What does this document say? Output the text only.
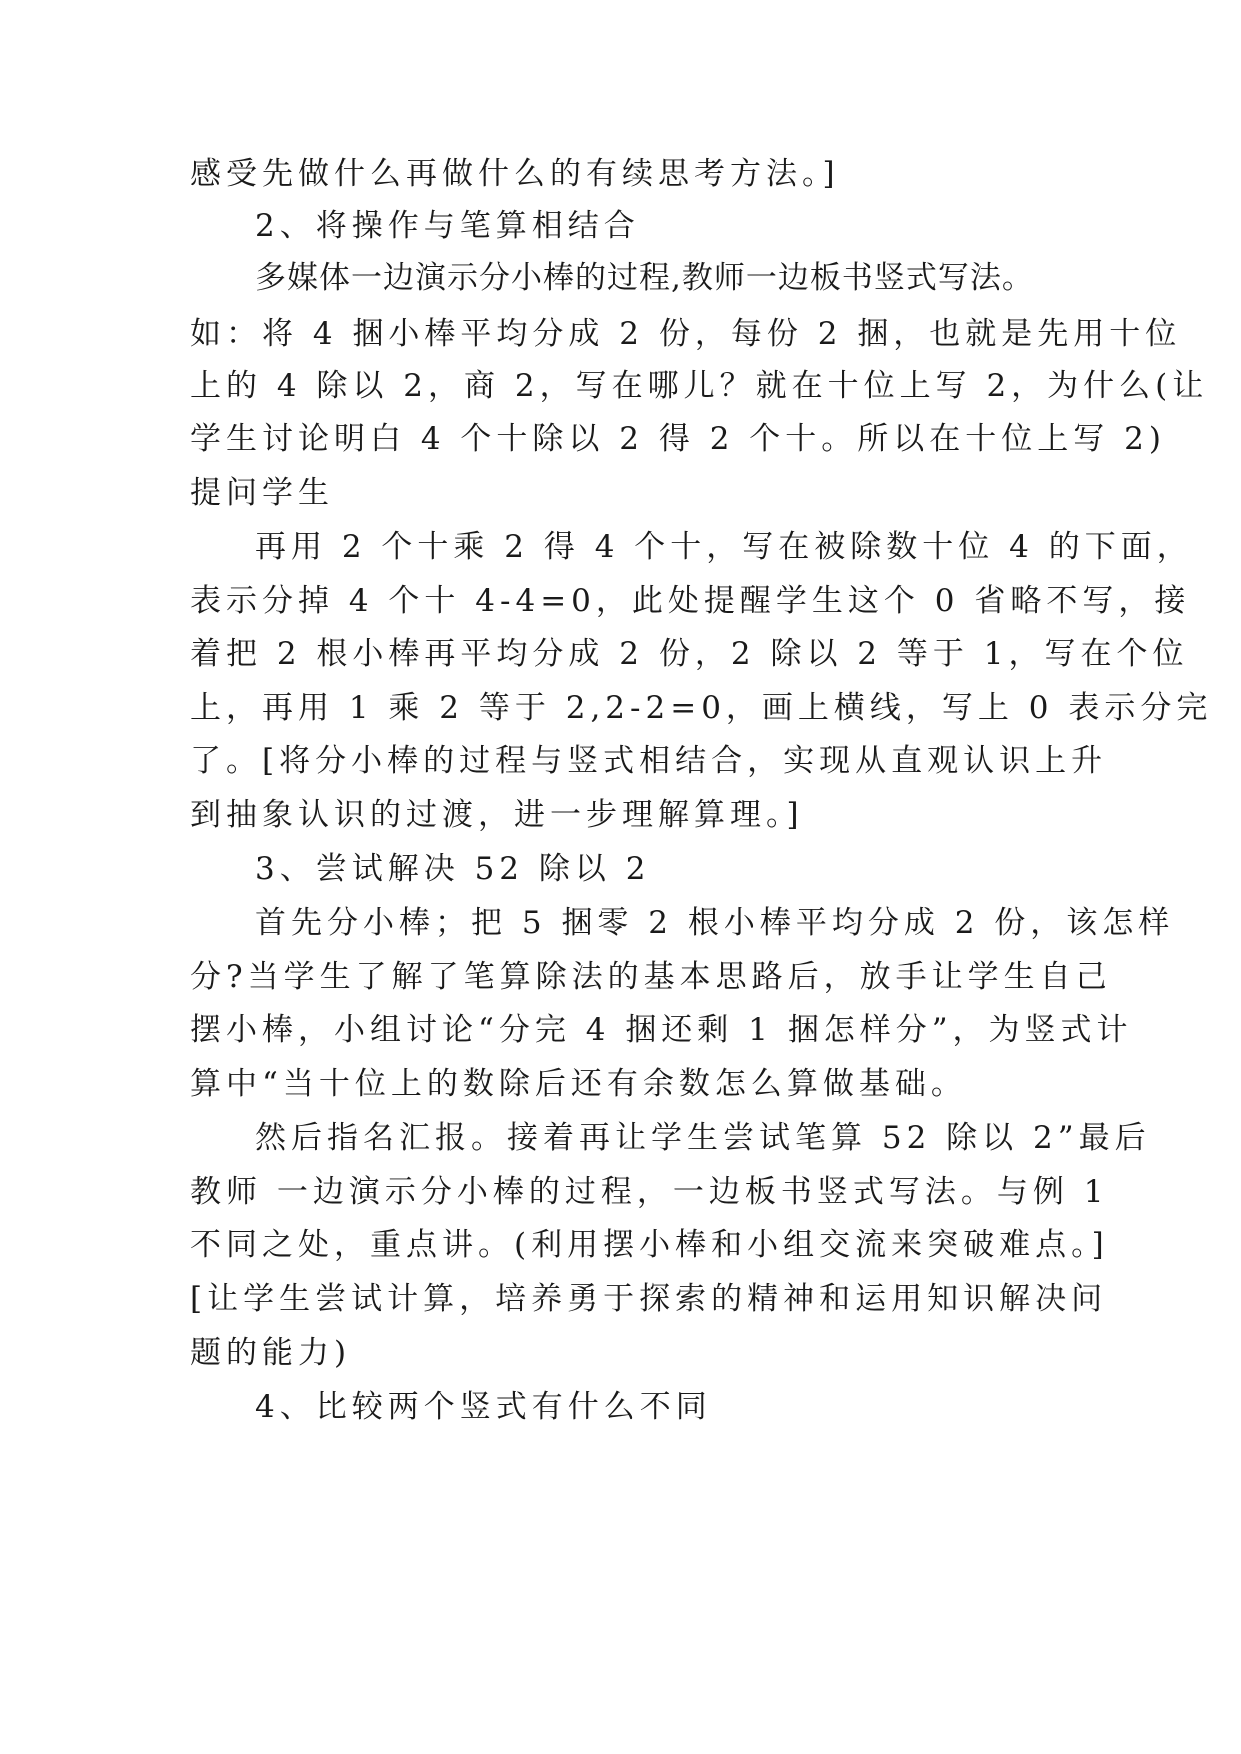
感受先做什么再做什么的有续思考方法。]
2、将操作与笔算相结合
多媒体一边演示分小棒的过程,教师一边板书竖式写法。
如：将 4 捆小棒平均分成 2 份，每份 2 捆，也就是先用十位
上的 4 除以 2，商 2，写在哪儿？就在十位上写 2，为什么(让
学生讨论明白 4 个十除以 2 得 2 个十。所以在十位上写 2)
提问学生
再用 2 个十乘 2 得 4 个十，写在被除数十位 4 的下面，
表示分掉 4 个十 4-4=0，此处提醒学生这个 0 省略不写，接
着把 2 根小棒再平均分成 2 份，2 除以 2 等于 1，写在个位
上，再用 1 乘 2 等于 2,2-2=0，画上横线，写上 0 表示分完
了。[将分小棒的过程与竖式相结合，实现从直观认识上升
到抽象认识的过渡，进一步理解算理。]
3、尝试解决 52 除以 2
首先分小棒；把 5 捆零 2 根小棒平均分成 2 份，该怎样
分?当学生了解了笔算除法的基本思路后，放手让学生自己
摆小棒，小组讨论“分完 4 捆还剩 1 捆怎样分”，为竖式计
算中“当十位上的数除后还有余数怎么算做基础。
然后指名汇报。接着再让学生尝试笔算 52 除以 2”最后
教师 一边演示分小棒的过程，一边板书竖式写法。与例 1
不同之处，重点讲。(利用摆小棒和小组交流来突破难点。]
[让学生尝试计算，培养勇于探索的精神和运用知识解决问
题的能力)
4、比较两个竖式有什么不同
